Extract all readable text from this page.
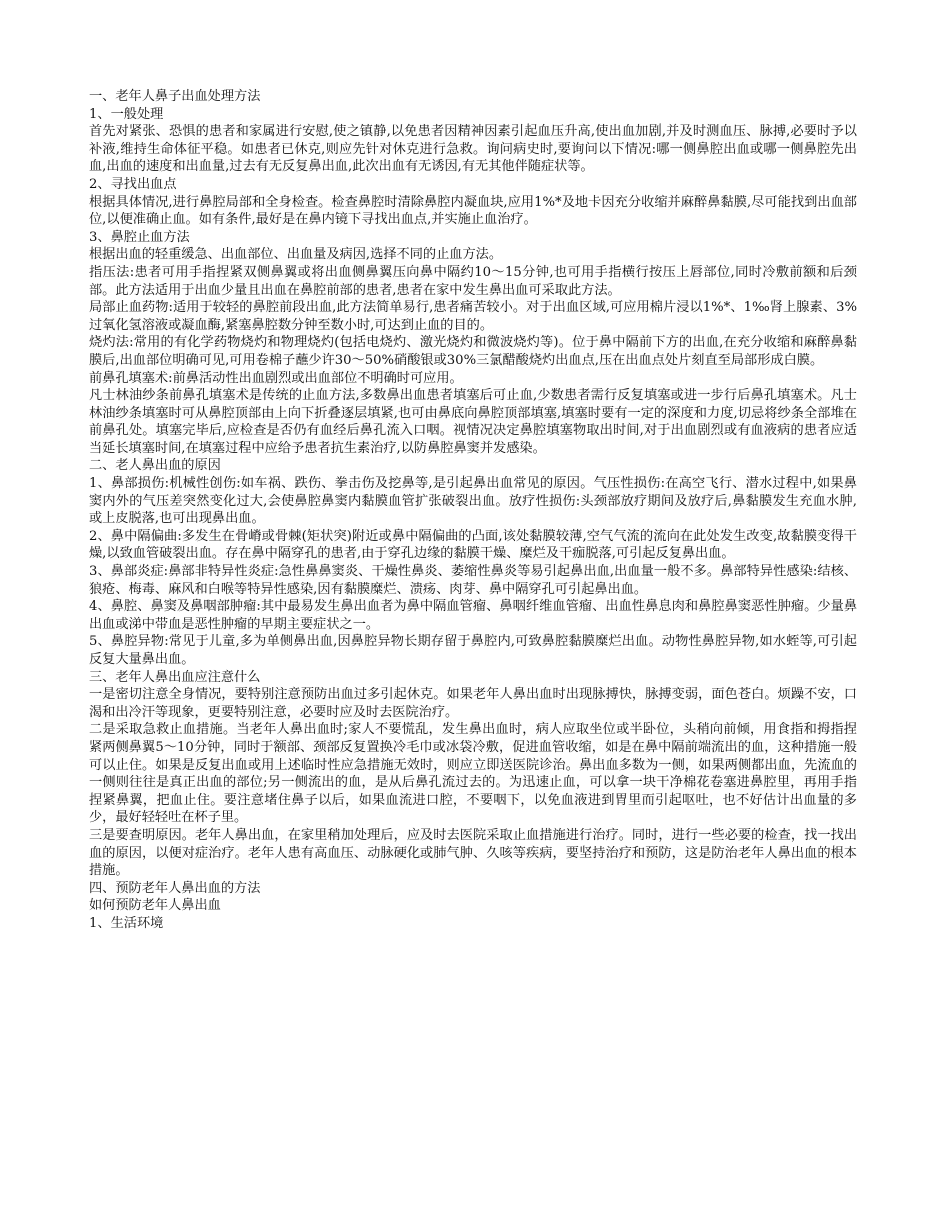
一、老年人鼻子出血处理方法

1、一般处理

首先对紧张、恐惧的患者和家属进行安慰,使之镇静,以免患者因精神因素引起血压升高,使出血加剧,并及时测血压、脉搏,必要时予以补液,维持生命体征平稳。如患者已休克,则应先针对休克进行急救。询问病史时,要询问以下情况:哪一侧鼻腔出血或哪一侧鼻腔先出血,出血的速度和出血量,过去有无反复鼻出血,此次出血有无诱因,有无其他伴随症状等。

2、寻找出血点

根据具体情况,进行鼻腔局部和全身检查。检查鼻腔时清除鼻腔内凝血块,应用1%*及地卡因充分收缩并麻醉鼻黏膜,尽可能找到出血部位,以便准确止血。如有条件,最好是在鼻内镜下寻找出血点,并实施止血治疗。

3、鼻腔止血方法

根据出血的轻重缓急、出血部位、出血量及病因,选择不同的止血方法。

指压法:患者可用手指捏紧双侧鼻翼或将出血侧鼻翼压向鼻中隔约10～15分钟,也可用手指横行按压上唇部位,同时冷敷前额和后颈部。此方法适用于出血少量且出血在鼻腔前部的患者,患者在家中发生鼻出血可采取此方法。

局部止血药物:适用于较轻的鼻腔前段出血,此方法简单易行,患者痛苦较小。对于出血区域,可应用棉片浸以1%*、1‰肾上腺素、3%过氧化氢溶液或凝血酶,紧塞鼻腔数分钟至数小时,可达到止血的目的。

烧灼法:常用的有化学药物烧灼和物理烧灼(包括电烧灼、激光烧灼和微波烧灼等)。位于鼻中隔前下方的出血,在充分收缩和麻醉鼻黏膜后,出血部位明确可见,可用卷棉子蘸少许30～50%硝酸银或30%三氯醋酸烧灼出血点,压在出血点处片刻直至局部形成白膜。

前鼻孔填塞术:前鼻活动性出血剧烈或出血部位不明确时可应用。

凡士林油纱条前鼻孔填塞术是传统的止血方法,多数鼻出血患者填塞后可止血,少数患者需行反复填塞或进一步行后鼻孔填塞术。凡士林油纱条填塞时可从鼻腔顶部由上向下折叠逐层填紧,也可由鼻底向鼻腔顶部填塞,填塞时要有一定的深度和力度,切忌将纱条全部堆在前鼻孔处。填塞完毕后,应检查是否仍有血经后鼻孔流入口咽。视情况决定鼻腔填塞物取出时间,对于出血剧烈或有血液病的患者应适当延长填塞时间,在填塞过程中应给予患者抗生素治疗,以防鼻腔鼻窦并发感染。

二、老人鼻出血的原因

1、鼻部损伤:机械性创伤:如车祸、跌伤、拳击伤及挖鼻等,是引起鼻出血常见的原因。气压性损伤:在高空飞行、潜水过程中,如果鼻窦内外的气压差突然变化过大,会使鼻腔鼻窦内黏膜血管扩张破裂出血。放疗性损伤:头颈部放疗期间及放疗后,鼻黏膜发生充血水肿,或上皮脱落,也可出现鼻出血。

2、鼻中隔偏曲:多发生在骨嵴或骨棘(矩状突)附近或鼻中隔偏曲的凸面,该处黏膜较薄,空气气流的流向在此处发生改变,故黏膜变得干燥,以致血管破裂出血。存在鼻中隔穿孔的患者,由于穿孔边缘的黏膜干燥、糜烂及干痂脱落,可引起反复鼻出血。

3、鼻部炎症:鼻部非特异性炎症:急性鼻鼻窦炎、干燥性鼻炎、萎缩性鼻炎等易引起鼻出血,出血量一般不多。鼻部特异性感染:结核、狼疮、梅毒、麻风和白喉等特异性感染,因有黏膜糜烂、溃疡、肉芽、鼻中隔穿孔可引起鼻出血。

4、鼻腔、鼻窦及鼻咽部肿瘤:其中最易发生鼻出血者为鼻中隔血管瘤、鼻咽纤维血管瘤、出血性鼻息肉和鼻腔鼻窦恶性肿瘤。少量鼻出血或涕中带血是恶性肿瘤的早期主要症状之一。

5、鼻腔异物:常见于儿童,多为单侧鼻出血,因鼻腔异物长期存留于鼻腔内,可致鼻腔黏膜糜烂出血。动物性鼻腔异物,如水蛭等,可引起反复大量鼻出血。

三、老年人鼻出血应注意什么

一是密切注意全身情况，要特别注意预防出血过多引起休克。如果老年人鼻出血时出现脉搏快，脉搏变弱，面色苍白。烦躁不安，口渴和出冷汗等现象，更要特别注意，必要时应及时去医院治疗。

二是采取急救止血措施。当老年人鼻出血时;家人不要慌乱，发生鼻出血时，病人应取坐位或半卧位，头稍向前倾，用食指和拇指捏紧两侧鼻翼5～10分钟，同时于额部、颈部反复置换冷毛巾或冰袋冷敷，促进血管收缩，如是在鼻中隔前端流出的血，这种措施一般可以止住。如果是反复出血或用上述临时性应急措施无效时，则应立即送医院诊治。鼻出血多数为一侧，如果两侧都出血，先流血的一侧则往往是真正出血的部位;另一侧流出的血，是从后鼻孔流过去的。为迅速止血，可以拿一块干净棉花卷塞进鼻腔里，再用手指捏紧鼻翼，把血止住。要注意堵住鼻子以后，如果血流进口腔，不要咽下，以免血液进到胃里而引起呕吐，也不好估计出血量的多少，最好轻轻吐在杯子里。

三是要查明原因。老年人鼻出血，在家里稍加处理后，应及时去医院采取止血措施进行治疗。同时，进行一些必要的检查，找一找出血的原因，以便对症治疗。老年人患有高血压、动脉硬化或肺气肿、久咳等疾病，要坚持治疗和预防，这是防治老年人鼻出血的根本措施。

四、预防老年人鼻出血的方法

如何预防老年人鼻出血

1、生活环境
